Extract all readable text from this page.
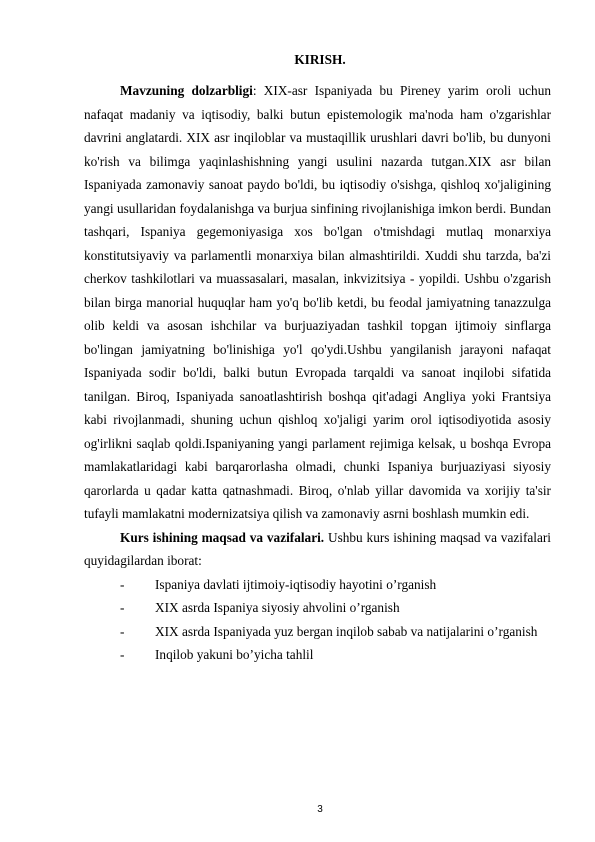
KIRISH.

Mavzuning dolzarbligi: XIX-asr Ispaniyada bu Pireney yarim oroli uchun nafaqat madaniy va iqtisodiy, balki butun epistemologik ma'noda ham o'zgarishlar davrini anglatardi. XIX asr inqiloblar va mustaqillik urushlari davri bo'lib, bu dunyoni ko'rish va bilimga yaqinlashishning yangi usulini nazarda tutgan.XIX asr bilan Ispaniyada zamonaviy sanoat paydo bo'ldi, bu iqtisodiy o'sishga, qishloq xo'jaligining yangi usullaridan foydalanishga va burjua sinfining rivojlanishiga imkon berdi. Bundan tashqari, Ispaniya gegemoniyasiga xos bo'lgan o'tmishdagi mutlaq monarxiya konstitutsiyaviy va parlamentli monarxiya bilan almashtirildi. Xuddi shu tarzda, ba'zi cherkov tashkilotlari va muassasalari, masalan, inkvizitsiya - yopildi. Ushbu o'zgarish bilan birga manorial huquqlar ham yo'q bo'lib ketdi, bu feodal jamiyatning tanazzulga olib keldi va asosan ishchilar va burjuaziyadan tashkil topgan ijtimoiy sinflarga bo'lingan jamiyatning bo'linishiga yo'l qo'ydi.Ushbu yangilanish jarayoni nafaqat Ispaniyada sodir bo'ldi, balki butun Evropada tarqaldi va sanoat inqilobi sifatida tanilgan. Biroq, Ispaniyada sanoatlashtirish boshqa qit'adagi Angliya yoki Frantsiya kabi rivojlanmadi, shuning uchun qishloq xo'jaligi yarim orol iqtisodiyotida asosiy og'irlikni saqlab qoldi.Ispaniyaning yangi parlament rejimiga kelsak, u boshqa Evropa mamlakatlaridagi kabi barqarorlasha olmadi, chunki Ispaniya burjuaziyasi siyosiy qarorlarda u qadar katta qatnashmadi. Biroq, o'nlab yillar davomida va xorijiy ta'sir tufayli mamlakatni modernizatsiya qilish va zamonaviy asrni boshlash mumkin edi.

Kurs ishining maqsad va vazifalari. Ushbu kurs ishining maqsad va vazifalari quyidagilardan iborat:

- Ispaniya davlati ijtimoiy-iqtisodiy hayotini o’rganish
- XIX asrda Ispaniya siyosiy ahvolini o’rganish
- XIX asrda Ispaniyada yuz bergan inqilob sabab va natijalarini o’rganish
- Inqilob yakuni bo’yicha tahlil
3
